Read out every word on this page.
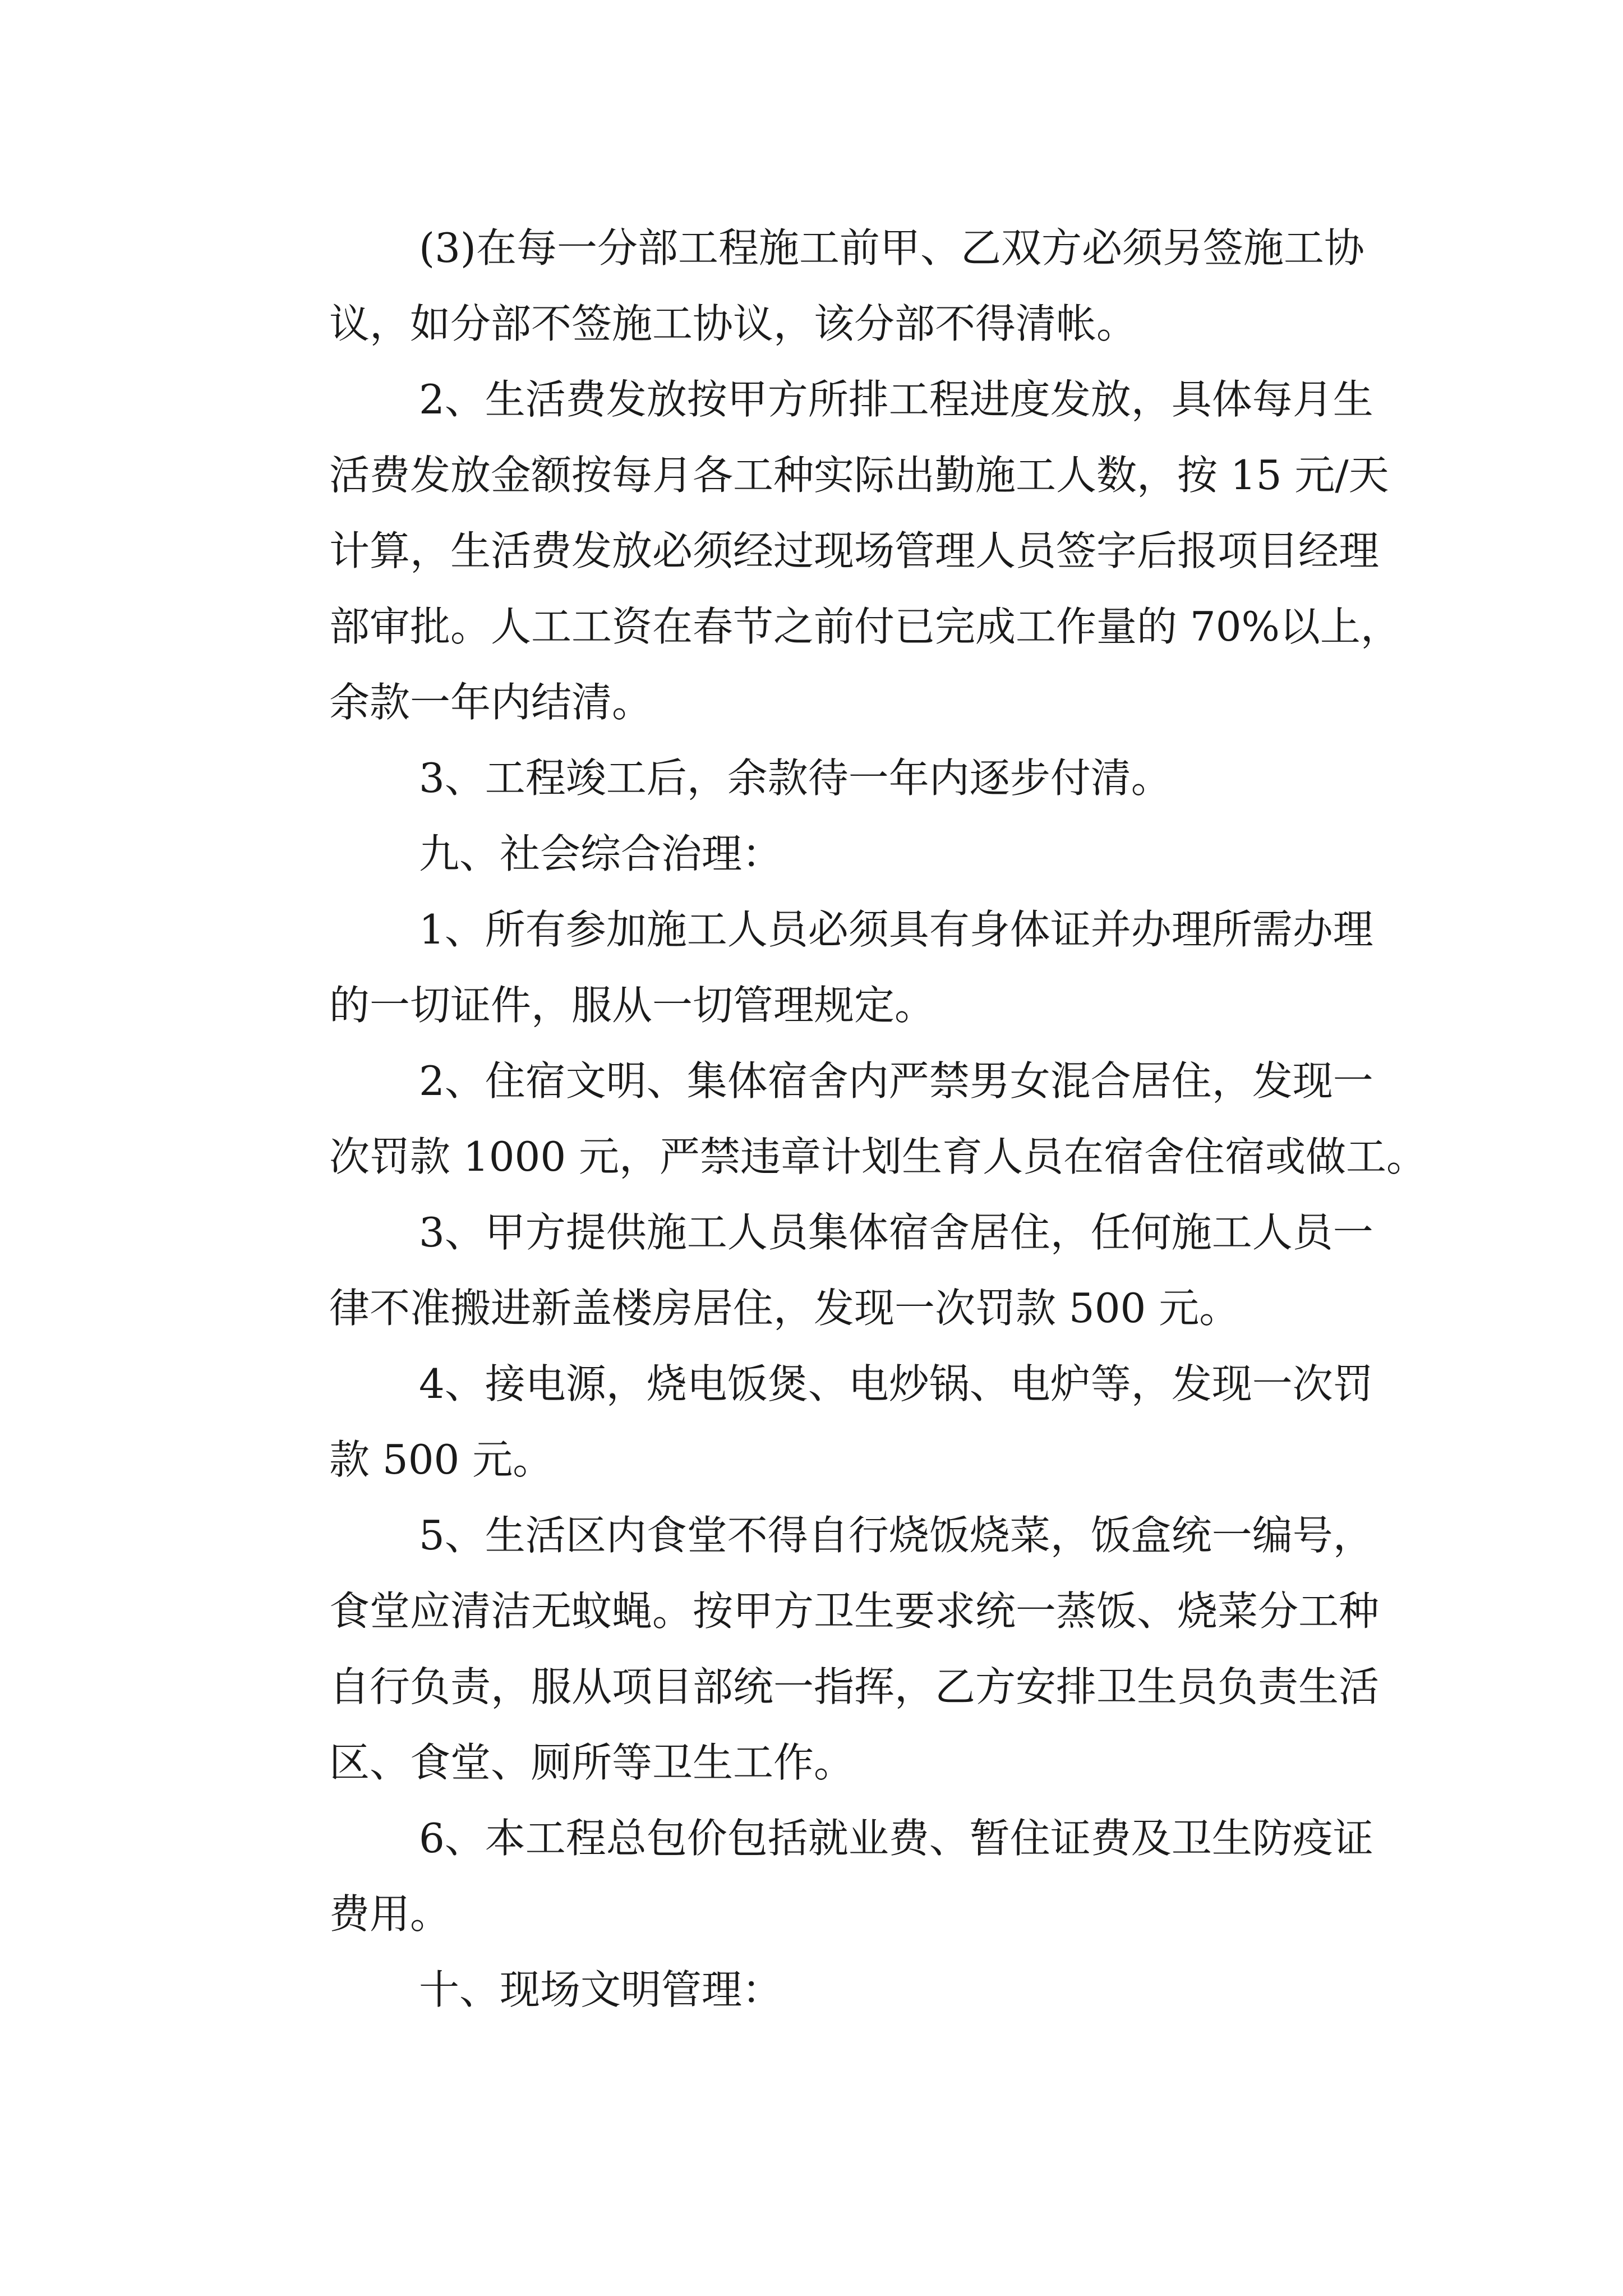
(3)在每一分部工程施工前甲、乙双方必须另签施工协
议，如分部不签施工协议，该分部不得清帐。
2、生活费发放按甲方所排工程进度发放，具体每月生
活费发放金额按每月各工种实际出勤施工人数，按 15 元/天
计算，生活费发放必须经过现场管理人员签字后报项目经理
部审批。人工工资在春节之前付已完成工作量的 70%以上，
余款一年内结清。
3、工程竣工后，余款待一年内逐步付清。
九、社会综合治理：
1、所有参加施工人员必须具有身体证并办理所需办理
的一切证件，服从一切管理规定。
2、住宿文明、集体宿舍内严禁男女混合居住，发现一
次罚款 1000 元，严禁违章计划生育人员在宿舍住宿或做工。
3、甲方提供施工人员集体宿舍居住，任何施工人员一
律不准搬进新盖楼房居住，发现一次罚款 500 元。
4、接电源，烧电饭煲、电炒锅、电炉等，发现一次罚
款 500 元。
5、生活区内食堂不得自行烧饭烧菜，饭盒统一编号，
食堂应清洁无蚊蝇。按甲方卫生要求统一蒸饭、烧菜分工种
自行负责，服从项目部统一指挥，乙方安排卫生员负责生活
区、食堂、厕所等卫生工作。
6、本工程总包价包括就业费、暂住证费及卫生防疫证
费用。
十、现场文明管理：
